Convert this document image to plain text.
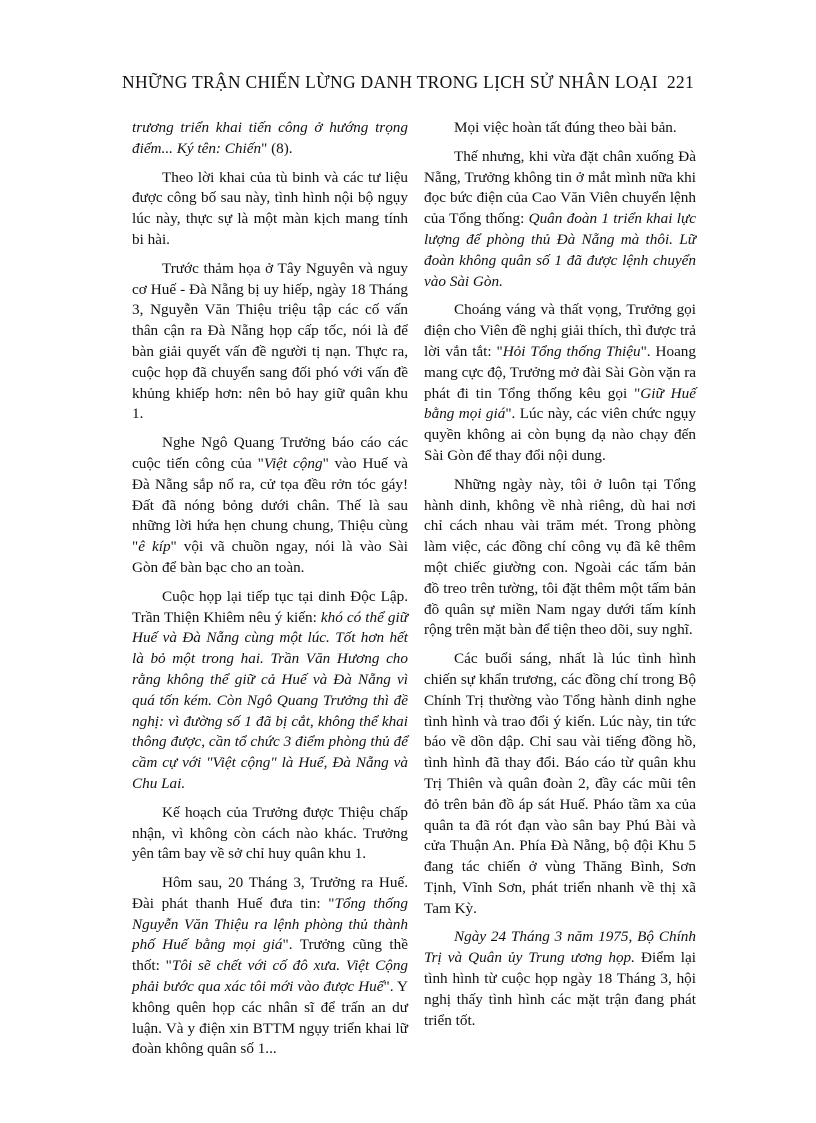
NHỮNG TRẬN CHIẾN LỪNG DANH TRONG LỊCH SỬ NHÂN LOẠI 221

trương triển khai tiến công ở hướng trọng điểm... Ký tên: Chiến" (8).

Theo lời khai của tù binh và các tư liệu được công bố sau này, tình hình nội bộ ngụy lúc này, thực sự là một màn kịch mang tính bi hài.

Trước thảm họa ở Tây Nguyên và nguy cơ Huế - Đà Nẵng bị uy hiếp, ngày 18 Tháng 3, Nguyễn Văn Thiệu triệu tập các cố vấn thân cận ra Đà Nẵng họp cấp tốc, nói là để bàn giải quyết vấn đề người tị nạn. Thực ra, cuộc họp đã chuyển sang đối phó với vấn đề khủng khiếp hơn: nên bỏ hay giữ quân khu 1.

Nghe Ngô Quang Trưởng báo cáo các cuộc tiến công của "Việt cộng" vào Huế và Đà Nẵng sắp nổ ra, cử tọa đều rởn tóc gáy! Đất đã nóng bỏng dưới chân. Thế là sau những lời hứa hẹn chung chung, Thiệu cùng "ê kíp" vội vã chuồn ngay, nói là vào Sài Gòn để bàn bạc cho an toàn.

Cuộc họp lại tiếp tục tại dinh Độc Lập. Trần Thiện Khiêm nêu ý kiến: khó có thể giữ Huế và Đà Nẵng cùng một lúc. Tốt hơn hết là bỏ một trong hai. Trần Văn Hương cho rằng không thể giữ cả Huế và Đà Nẵng vì quá tốn kém. Còn Ngô Quang Trưởng thì đề nghị: vì đường số 1 đã bị cắt, không thể khai thông được, cần tổ chức 3 điểm phòng thủ để cầm cự với "Việt cộng" là Huế, Đà Nẵng và Chu Lai.

Kế hoạch của Trưởng được Thiệu chấp nhận, vì không còn cách nào khác. Trưởng yên tâm bay về sở chỉ huy quân khu 1.

Hôm sau, 20 Tháng 3, Trưởng ra Huế. Đài phát thanh Huế đưa tin: "Tổng thống Nguyễn Văn Thiệu ra lệnh phòng thủ thành phố Huế bằng mọi giá". Trưởng cũng thề thốt: "Tôi sẽ chết với cố đô xưa. Việt Cộng phải bước qua xác tôi mới vào được Huế". Y không quên họp các nhân sĩ để trấn an dư luận. Và y điện xin BTTM ngụy triển khai lữ đoàn không quân số 1...

Mọi việc hoàn tất đúng theo bài bản.

Thế nhưng, khi vừa đặt chân xuống Đà Nẵng, Trưởng không tin ở mắt mình nữa khi đọc bức điện của Cao Văn Viên chuyển lệnh của Tổng thống: Quân đoàn 1 triển khai lực lượng để phòng thủ Đà Nẵng mà thôi. Lữ đoàn không quân số 1 đã được lệnh chuyển vào Sài Gòn.

Choáng váng và thất vọng, Trưởng gọi điện cho Viên đề nghị giải thích, thì được trả lời vắn tắt: "Hỏi Tổng thống Thiệu". Hoang mang cực độ, Trưởng mở đài Sài Gòn vặn ra phát đi tin Tổng thống kêu gọi "Giữ Huế bằng mọi giá". Lúc này, các viên chức ngụy quyền không ai còn bụng dạ nào chạy đến Sài Gòn để thay đổi nội dung.

Những ngày này, tôi ở luôn tại Tổng hành dinh, không về nhà riêng, dù hai nơi chỉ cách nhau vài trăm mét. Trong phòng làm việc, các đồng chí công vụ đã kê thêm một chiếc giường con. Ngoài các tấm bản đồ treo trên tường, tôi đặt thêm một tấm bản đồ quân sự miền Nam ngay dưới tấm kính rộng trên mặt bàn để tiện theo dõi, suy nghĩ.

Các buổi sáng, nhất là lúc tình hình chiến sự khẩn trương, các đồng chí trong Bộ Chính Trị thường vào Tổng hành dinh nghe tình hình và trao đổi ý kiến. Lúc này, tin tức báo về dồn dập. Chỉ sau vài tiếng đồng hồ, tình hình đã thay đổi. Báo cáo từ quân khu Trị Thiên và quân đoàn 2, đầy các mũi tên đỏ trên bản đồ áp sát Huế. Pháo tầm xa của quân ta đã rót đạn vào sân bay Phú Bài và cửa Thuận An. Phía Đà Nẵng, bộ đội Khu 5 đang tác chiến ở vùng Thăng Bình, Sơn Tịnh, Vĩnh Sơn, phát triển nhanh về thị xã Tam Kỳ.

Ngày 24 Tháng 3 năm 1975, Bộ Chính Trị và Quân ủy Trung ương họp. Điểm lại tình hình từ cuộc họp ngày 18 Tháng 3, hội nghị thấy tình hình các mặt trận đang phát triển tốt.
